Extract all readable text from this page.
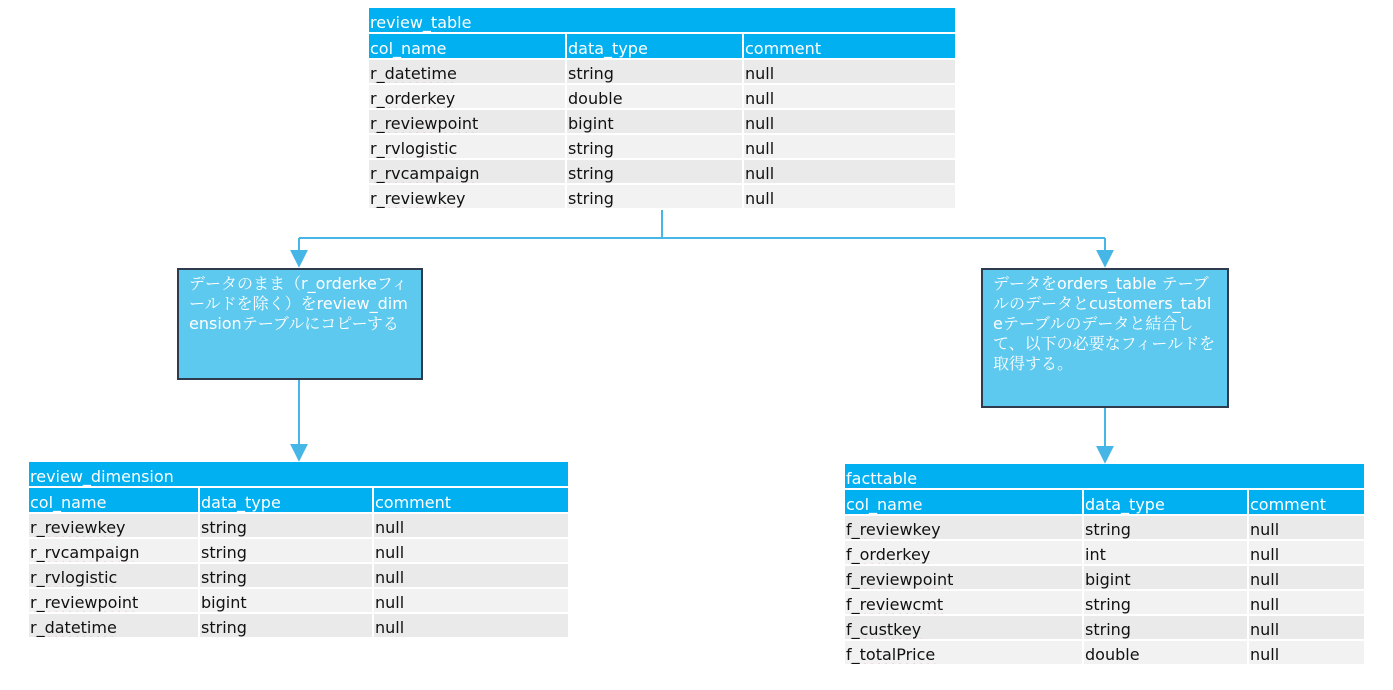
review_table		
col_name	data_type	comment
r_datetime	string	null
r_orderkey	double	null
r_reviewpoint	bigint	null
r_rvlogistic	string	null
r_rvcampaign	string	null
r_reviewkey	string	null
データのまま（r_orderkeフィールドを除く）をreview_dimensionテーブルにコピーする
データをorders_table テーブルのデータとcustomers_tableテーブルのデータと結合して、以下の必要なフィールドを取得する。
review_dimension		
col_name	data_type	comment
r_reviewkey	string	null
r_rvcampaign	string	null
r_rvlogistic	string	null
r_reviewpoint	bigint	null
r_datetime	string	null
facttable		
col_name	data_type	comment
f_reviewkey	string	null
f_orderkey	int	null
f_reviewpoint	bigint	null
f_reviewcmt	string	null
f_custkey	string	null
f_totalPrice	double	null
